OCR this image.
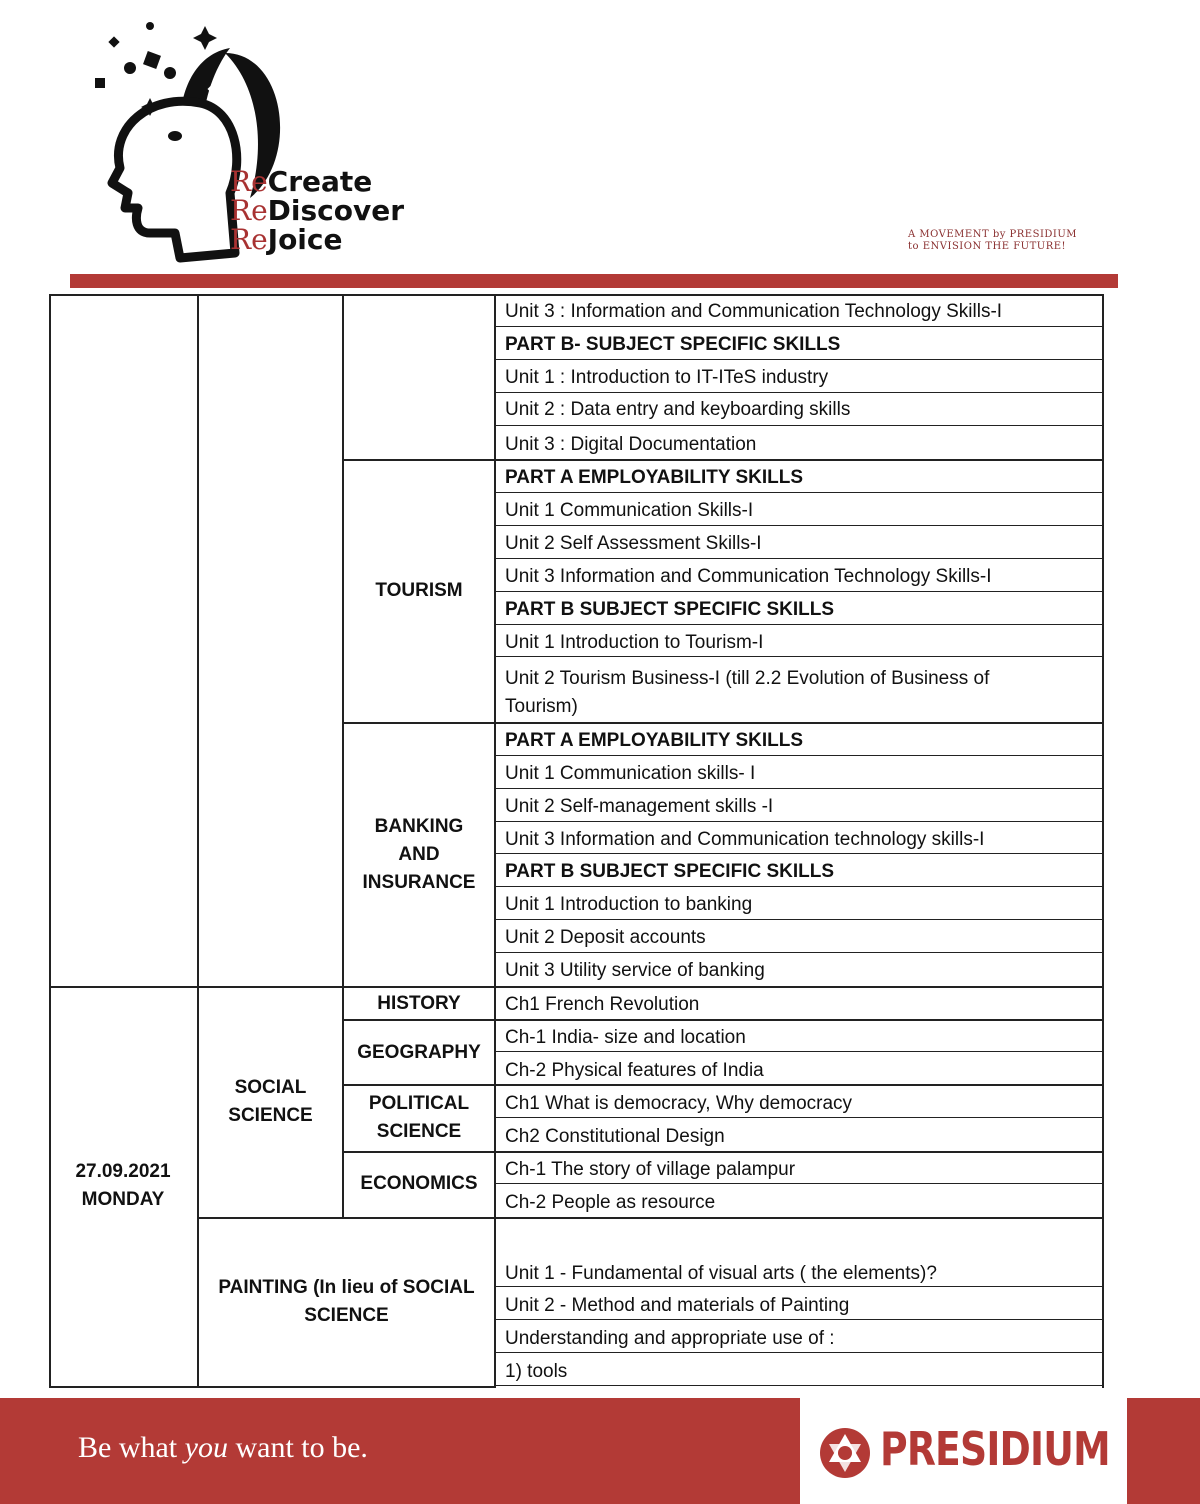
ReCreate
ReDiscover
ReJoice	A MOVEMENT by PRESIDIUM
to ENVISION THE FUTURE!
TOURISM
BANKING
AND
INSURANCE
27.09.2021
MONDAY
SOCIAL
SCIENCE
HISTORY
GEOGRAPHY
POLITICAL
SCIENCE
ECONOMICS
PAINTING (In lieu of SOCIAL
SCIENCE
Unit 3 : Information and Communication Technology Skills-I
PART B- SUBJECT SPECIFIC SKILLS
Unit 1 : Introduction to IT-ITeS industry
Unit 2 : Data entry and keyboarding skills
Unit 3 : Digital Documentation
PART A EMPLOYABILITY SKILLS
Unit 1 Communication Skills-I
Unit 2 Self Assessment Skills-I
Unit 3 Information and Communication Technology Skills-I
PART B SUBJECT SPECIFIC SKILLS
Unit 1 Introduction to Tourism-I
Unit 2 Tourism Business-I (till 2.2 Evolution of Business of Tourism)
PART A EMPLOYABILITY SKILLS
Unit 1 Communication skills- I
Unit 2 Self-management skills -I
Unit 3 Information and Communication technology skills-I
PART B SUBJECT SPECIFIC SKILLS
Unit 1 Introduction to banking
Unit 2 Deposit accounts
Unit 3 Utility service of banking
Ch1 French Revolution
Ch-1 India- size and location
Ch-2 Physical features of India
Ch1 What is democracy, Why democracy
Ch2 Constitutional Design
Ch-1 The story of village palampur
Ch-2 People as resource
Unit 1 - Fundamental of visual arts ( the elements)?
Unit 2 - Method and materials of Painting
Understanding and appropriate use of :
1) tools
Be what you want to be.	PRESIDIUM
